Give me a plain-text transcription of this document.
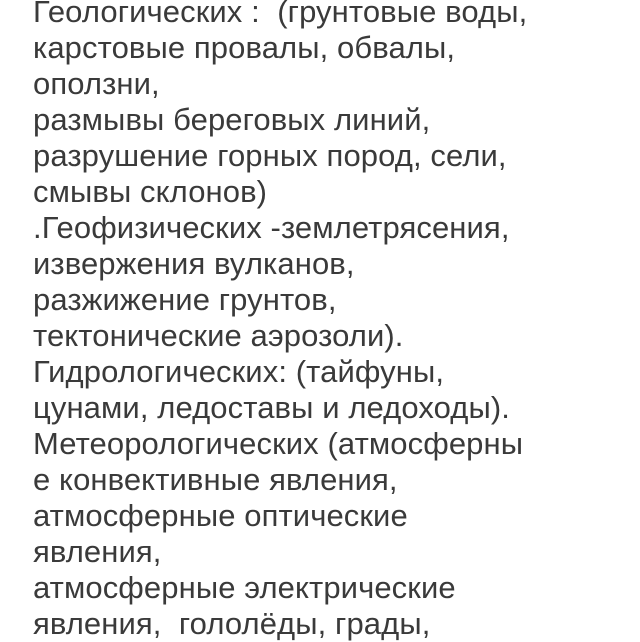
Геологических :  (грунтовые воды,
карстовые провалы, обвалы,
оползни,
размывы береговых линий,
разрушение горных пород, сели,
смывы склонов)
.Геофизических -землетрясения,
извержения вулканов,
разжижение грунтов,
тектонические аэрозоли).
Гидрологических: (тайфуны,
цунами, ледоставы и ледоходы).
Метеорологических (атмосферны
е конвективные явления,
атмосферные оптические
явления,
атмосферные электрические
явления,  гололёды, грады,
